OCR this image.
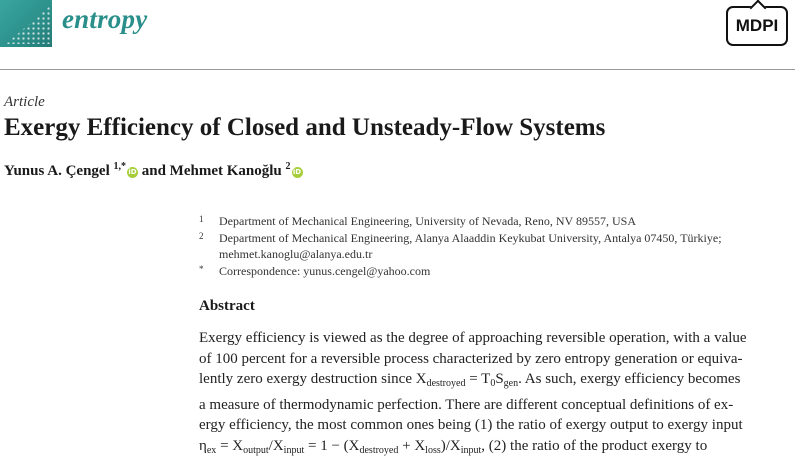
entropy	MDPI
Article
Exergy Efficiency of Closed and Unsteady-Flow Systems
Yunus A. Çengel $^{1,*}$ iD and Mehmet Kanoğlu $^2$ iD
1 Department of Mechanical Engineering, University of Nevada, Reno, NV 89557, USA
2 Department of Mechanical Engineering, Alanya Alaaddin Keykubat University, Antalya 07450, Türkiye;
mehmet.kanoglu@alanya.edu.tr
* Correspondence: yunus.cengel@yahoo.com
Abstract
Exergy efficiency is viewed as the degree of approaching reversible operation, with a value
of 100 percent for a reversible process characterized by zero entropy generation or equiva-
lently zero exergy destruction since $X_{destroyed} = T_0S_{gen}$. As such, exergy efficiency becomes
a measure of thermodynamic perfection. There are different conceptual definitions of ex-
ergy efficiency, the most common ones being (1) the ratio of exergy output to exergy input
$\eta_{ex} = X_{output}/X_{input} = 1 - (X_{destroyed} + X_{loss})/X_{input}$, (2) the ratio of the product exergy to
